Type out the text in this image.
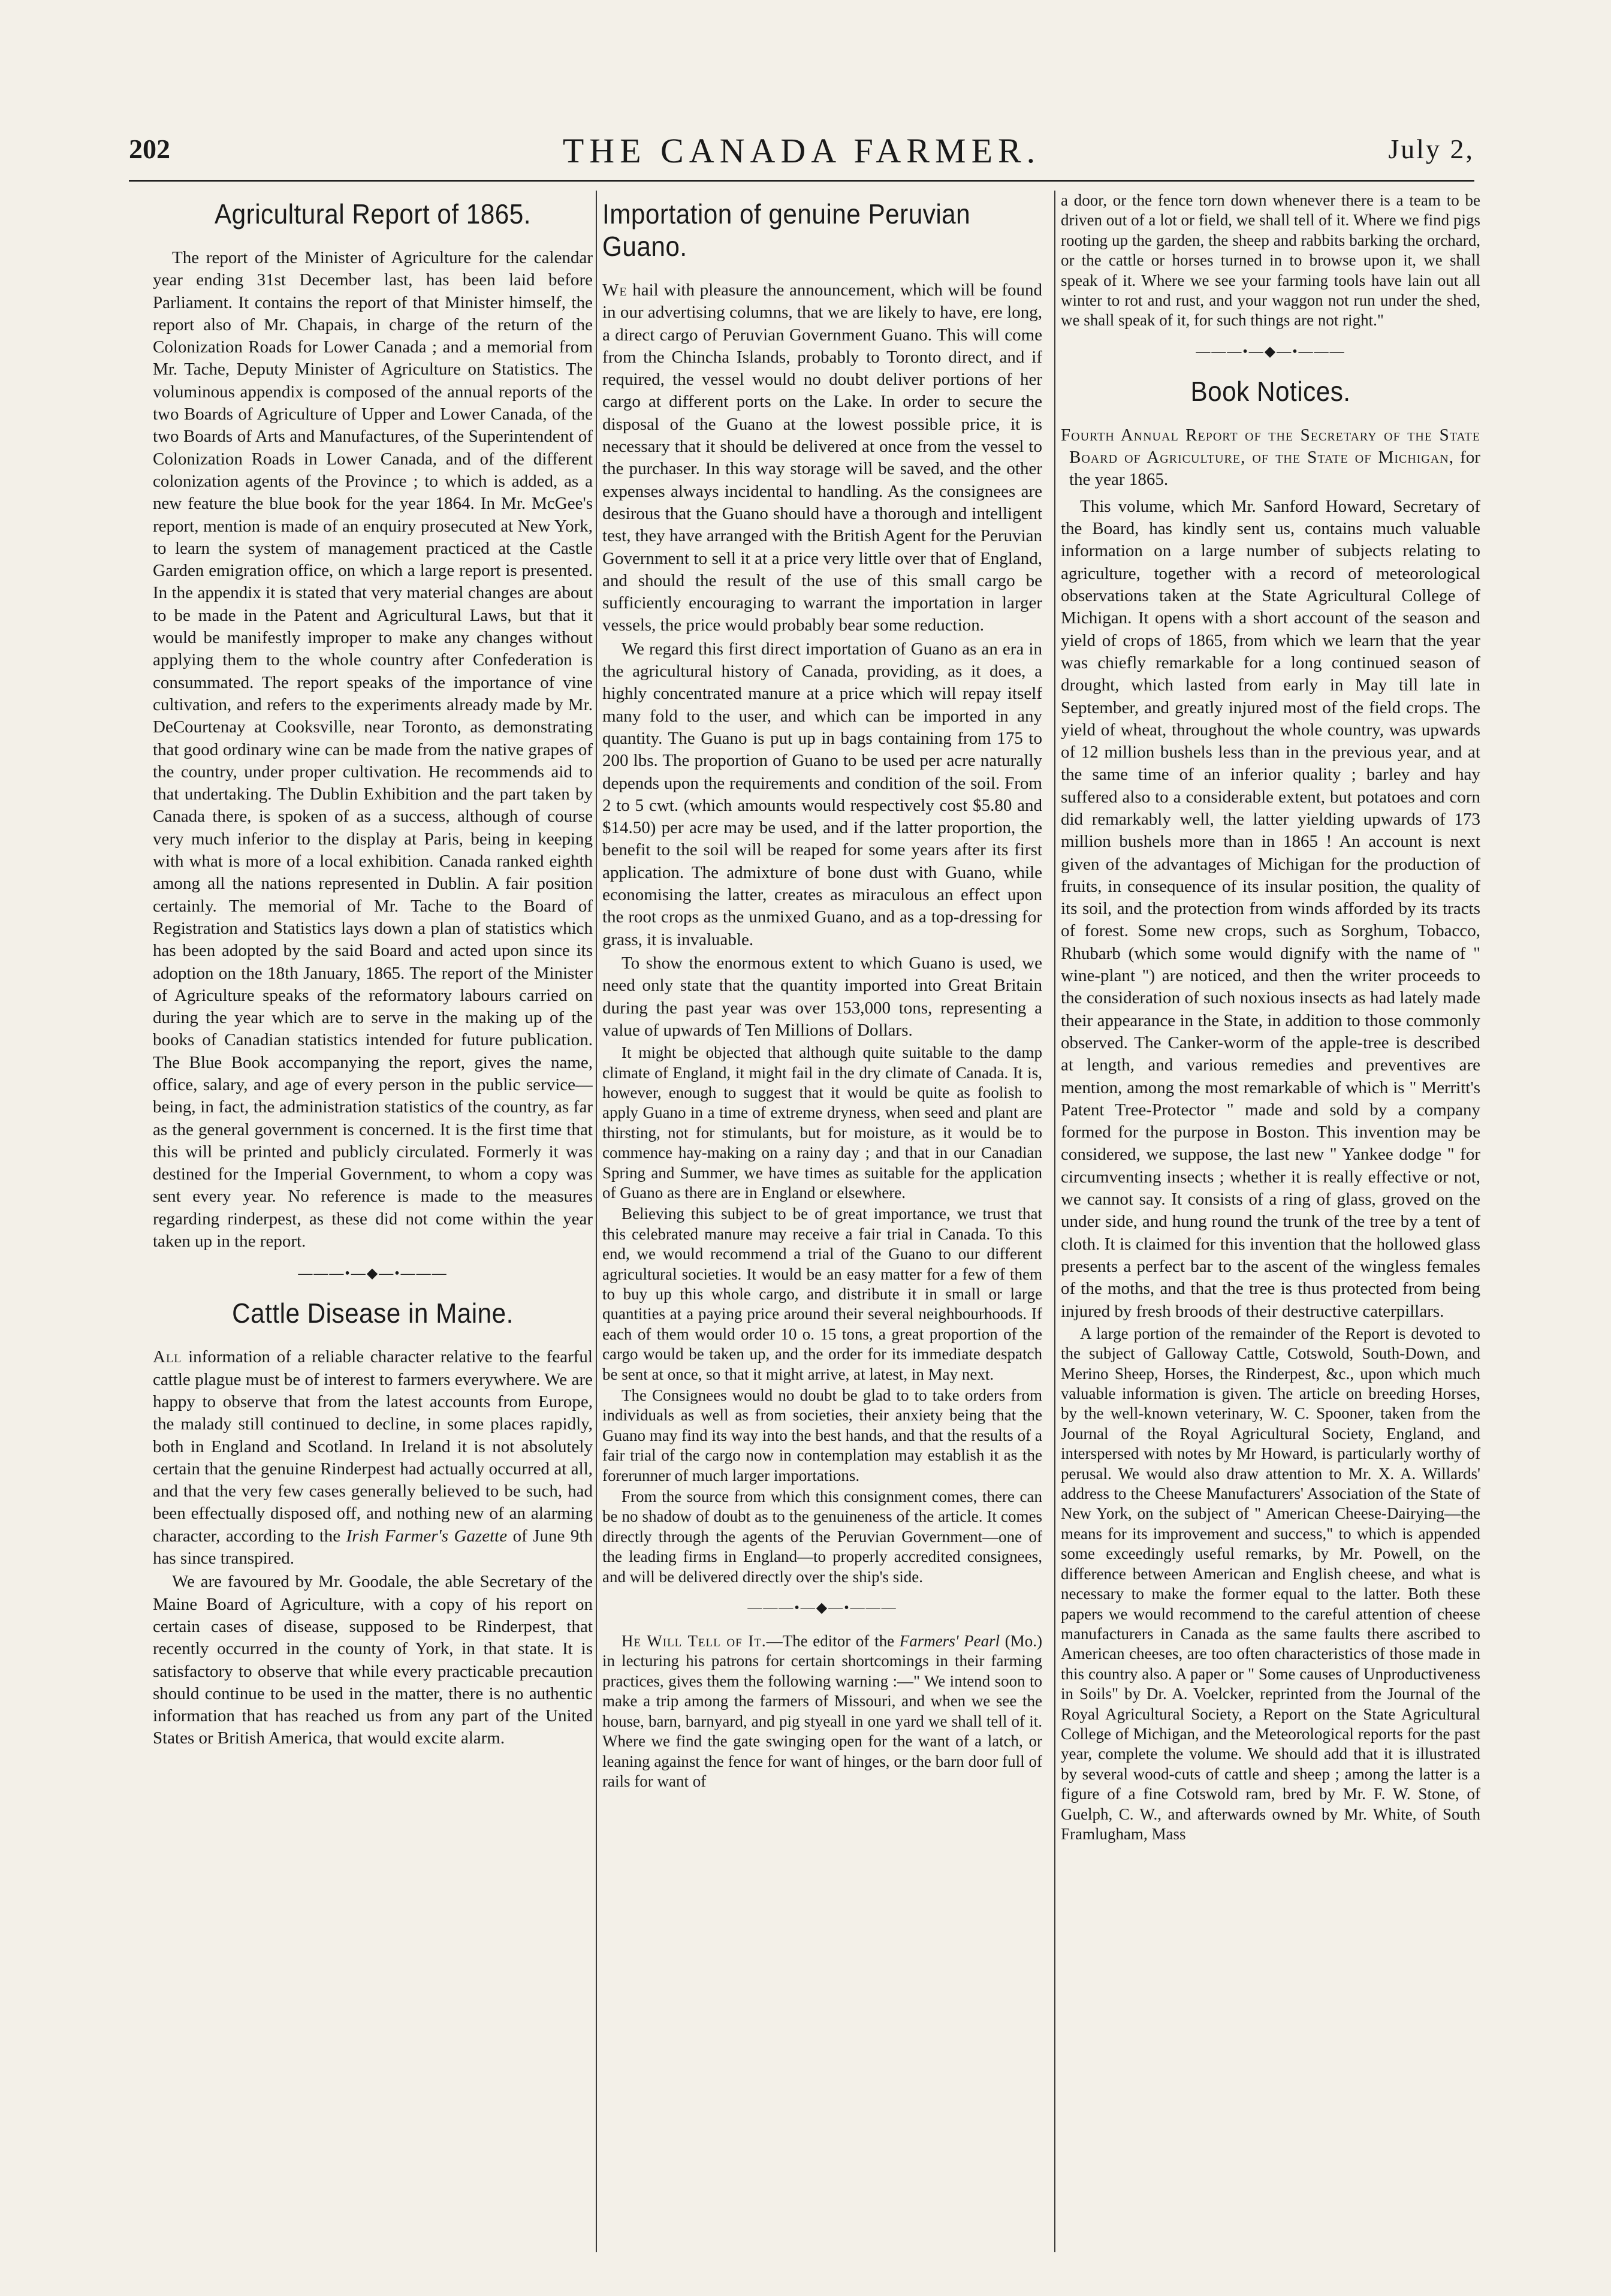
202	THE CANADA FARMER.	July 2,
Agricultural Report of 1865.

The report of the Minister of Agriculture for the calendar year ending 31st December last, has been laid before Parliament. It contains the report of that Minister himself, the report also of Mr. Chapais, in charge of the return of the Colonization Roads for Lower Canada ; and a memorial from Mr. Tache, Deputy Minister of Agriculture on Statistics. The voluminous appendix is composed of the annual reports of the two Boards of Agriculture of Upper and Lower Canada, of the two Boards of Arts and Manufactures, of the Superintendent of Colonization Roads in Lower Canada, and of the different colonization agents of the Province ; to which is added, as a new feature the blue book for the year 1864. In Mr. McGee's report, mention is made of an enquiry prosecuted at New York, to learn the system of management practiced at the Castle Garden emigration office, on which a large report is presented. In the appendix it is stated that very material changes are about to be made in the Patent and Agricultural Laws, but that it would be manifestly improper to make any changes without applying them to the whole country after Confederation is consummated. The report speaks of the importance of vine cultivation, and refers to the experiments already made by Mr. DeCourtenay at Cooksville, near Toronto, as demonstrating that good ordinary wine can be made from the native grapes of the country, under proper cultivation. He recommends aid to that undertaking. The Dublin Exhibition and the part taken by Canada there, is spoken of as a success, although of course very much inferior to the display at Paris, being in keeping with what is more of a local exhibition. Canada ranked eighth among all the nations represented in Dublin. A fair position certainly. The memorial of Mr. Tache to the Board of Registration and Statistics lays down a plan of statistics which has been adopted by the said Board and acted upon since its adoption on the 18th January, 1865. The report of the Minister of Agriculture speaks of the reformatory labours carried on during the year which are to serve in the making up of the books of Canadian statistics intended for future publication. The Blue Book accompanying the report, gives the name, office, salary, and age of every person in the public service—being, in fact, the administration statistics of the country, as far as the general government is concerned. It is the first time that this will be printed and publicly circulated. Formerly it was destined for the Imperial Government, to whom a copy was sent every year. No reference is made to the measures regarding rinderpest, as these did not come within the year taken up in the report.

———•—◆—•———
Cattle Disease in Maine.

All information of a reliable character relative to the fearful cattle plague must be of interest to farmers everywhere. We are happy to observe that from the latest accounts from Europe, the malady still continued to decline, in some places rapidly, both in England and Scotland. In Ireland it is not absolutely certain that the genuine Rinderpest had actually occurred at all, and that the very few cases generally believed to be such, had been effectually disposed off, and nothing new of an alarming character, according to the Irish Farmer's Gazette of June 9th has since transpired.

We are favoured by Mr. Goodale, the able Secretary of the Maine Board of Agriculture, with a copy of his report on certain cases of disease, supposed to be Rinderpest, that recently occurred in the county of York, in that state. It is satisfactory to observe that while every practicable precaution should continue to be used in the matter, there is no authentic information that has reached us from any part of the United States or British America, that would excite alarm.

Importation of genuine Peruvian Guano.

We hail with pleasure the announcement, which will be found in our advertising columns, that we are likely to have, ere long, a direct cargo of Peruvian Government Guano. This will come from the Chincha Islands, probably to Toronto direct, and if required, the vessel would no doubt deliver portions of her cargo at different ports on the Lake. In order to secure the disposal of the Guano at the lowest possible price, it is necessary that it should be delivered at once from the vessel to the purchaser. In this way storage will be saved, and the other expenses always incidental to handling. As the consignees are desirous that the Guano should have a thorough and intelligent test, they have arranged with the British Agent for the Peruvian Government to sell it at a price very little over that of England, and should the result of the use of this small cargo be sufficiently encouraging to warrant the importation in larger vessels, the price would probably bear some reduction.

We regard this first direct importation of Guano as an era in the agricultural history of Canada, providing, as it does, a highly concentrated manure at a price which will repay itself many fold to the user, and which can be imported in any quantity. The Guano is put up in bags containing from 175 to 200 lbs. The proportion of Guano to be used per acre naturally depends upon the requirements and condition of the soil. From 2 to 5 cwt. (which amounts would respectively cost $5.80 and $14.50) per acre may be used, and if the latter proportion, the benefit to the soil will be reaped for some years after its first application. The admixture of bone dust with Guano, while economising the latter, creates as miraculous an effect upon the root crops as the unmixed Guano, and as a top-dressing for grass, it is invaluable.

To show the enormous extent to which Guano is used, we need only state that the quantity imported into Great Britain during the past year was over 153,000 tons, representing a value of upwards of Ten Millions of Dollars.

It might be objected that although quite suitable to the damp climate of England, it might fail in the dry climate of Canada. It is, however, enough to suggest that it would be quite as foolish to apply Guano in a time of extreme dryness, when seed and plant are thirsting, not for stimulants, but for moisture, as it would be to commence hay-making on a rainy day ; and that in our Canadian Spring and Summer, we have times as suitable for the application of Guano as there are in England or elsewhere.

Believing this subject to be of great importance, we trust that this celebrated manure may receive a fair trial in Canada. To this end, we would recommend a trial of the Guano to our different agricultural societies. It would be an easy matter for a few of them to buy up this whole cargo, and distribute it in small or large quantities at a paying price around their several neighbourhoods. If each of them would order 10 o. 15 tons, a great proportion of the cargo would be taken up, and the order for its immediate despatch be sent at once, so that it might arrive, at latest, in May next.

The Consignees would no doubt be glad to to take orders from individuals as well as from societies, their anxiety being that the Guano may find its way into the best hands, and that the results of a fair trial of the cargo now in contemplation may establish it as the forerunner of much larger importations.

From the source from which this consignment comes, there can be no shadow of doubt as to the genuineness of the article. It comes directly through the agents of the Peruvian Government—one of the leading firms in England—to properly accredited consignees, and will be delivered directly over the ship's side.

———•—◆—•———

He Will Tell of It.—The editor of the Farmers' Pearl (Mo.) in lecturing his patrons for certain shortcomings in their farming practices, gives them the following warning :—" We intend soon to make a trip among the farmers of Missouri, and when we see the house, barn, barnyard, and pig styeall in one yard we shall tell of it. Where we find the gate swinging open for the want of a latch, or leaning against the fence for want of hinges, or the barn door full of rails for want of

a door, or the fence torn down whenever there is a team to be driven out of a lot or field, we shall tell of it. Where we find pigs rooting up the garden, the sheep and rabbits barking the orchard, or the cattle or horses turned in to browse upon it, we shall speak of it. Where we see your farming tools have lain out all winter to rot and rust, and your waggon not run under the shed, we shall speak of it, for such things are not right."

———•—◆—•———
Book Notices.

Fourth Annual Report of the Secretary of the State Board of Agriculture, of the State of Michigan, for the year 1865.

This volume, which Mr. Sanford Howard, Secretary of the Board, has kindly sent us, contains much valuable information on a large number of subjects relating to agriculture, together with a record of meteorological observations taken at the State Agricultural College of Michigan. It opens with a short account of the season and yield of crops of 1865, from which we learn that the year was chiefly remarkable for a long continued season of drought, which lasted from early in May till late in September, and greatly injured most of the field crops. The yield of wheat, throughout the whole country, was upwards of 12 million bushels less than in the previous year, and at the same time of an inferior quality ; barley and hay suffered also to a considerable extent, but potatoes and corn did remarkably well, the latter yielding upwards of 173 million bushels more than in 1865 ! An account is next given of the advantages of Michigan for the production of fruits, in consequence of its insular position, the quality of its soil, and the protection from winds afforded by its tracts of forest. Some new crops, such as Sorghum, Tobacco, Rhubarb (which some would dignify with the name of " wine-plant ") are noticed, and then the writer proceeds to the consideration of such noxious insects as had lately made their appearance in the State, in addition to those commonly observed. The Canker-worm of the apple-tree is described at length, and various remedies and preventives are mention, among the most remarkable of which is " Merritt's Patent Tree-Protector " made and sold by a company formed for the purpose in Boston. This invention may be considered, we suppose, the last new " Yankee dodge " for circumventing insects ; whether it is really effective or not, we cannot say. It consists of a ring of glass, groved on the under side, and hung round the trunk of the tree by a tent of cloth. It is claimed for this invention that the hollowed glass presents a perfect bar to the ascent of the wingless females of the moths, and that the tree is thus protected from being injured by fresh broods of their destructive caterpillars.

A large portion of the remainder of the Report is devoted to the subject of Galloway Cattle, Cotswold, South-Down, and Merino Sheep, Horses, the Rinderpest, &c., upon which much valuable information is given. The article on breeding Horses, by the well-known veterinary, W. C. Spooner, taken from the Journal of the Royal Agricultural Society, England, and interspersed with notes by Mr Howard, is particularly worthy of perusal. We would also draw attention to Mr. X. A. Willards' address to the Cheese Manufacturers' Association of the State of New York, on the subject of " American Cheese-Dairying—the means for its improvement and success," to which is appended some exceedingly useful remarks, by Mr. Powell, on the difference between American and English cheese, and what is necessary to make the former equal to the latter. Both these papers we would recommend to the careful attention of cheese manufacturers in Canada as the same faults there ascribed to American cheeses, are too often characteristics of those made in this country also. A paper or " Some causes of Unproductiveness in Soils" by Dr. A. Voelcker, reprinted from the Journal of the Royal Agricultural Society, a Report on the State Agricultural College of Michigan, and the Meteorological reports for the past year, complete the volume. We should add that it is illustrated by several wood-cuts of cattle and sheep ; among the latter is a figure of a fine Cotswold ram, bred by Mr. F. W. Stone, of Guelph, C. W., and afterwards owned by Mr. White, of South Framlugham, Mass
